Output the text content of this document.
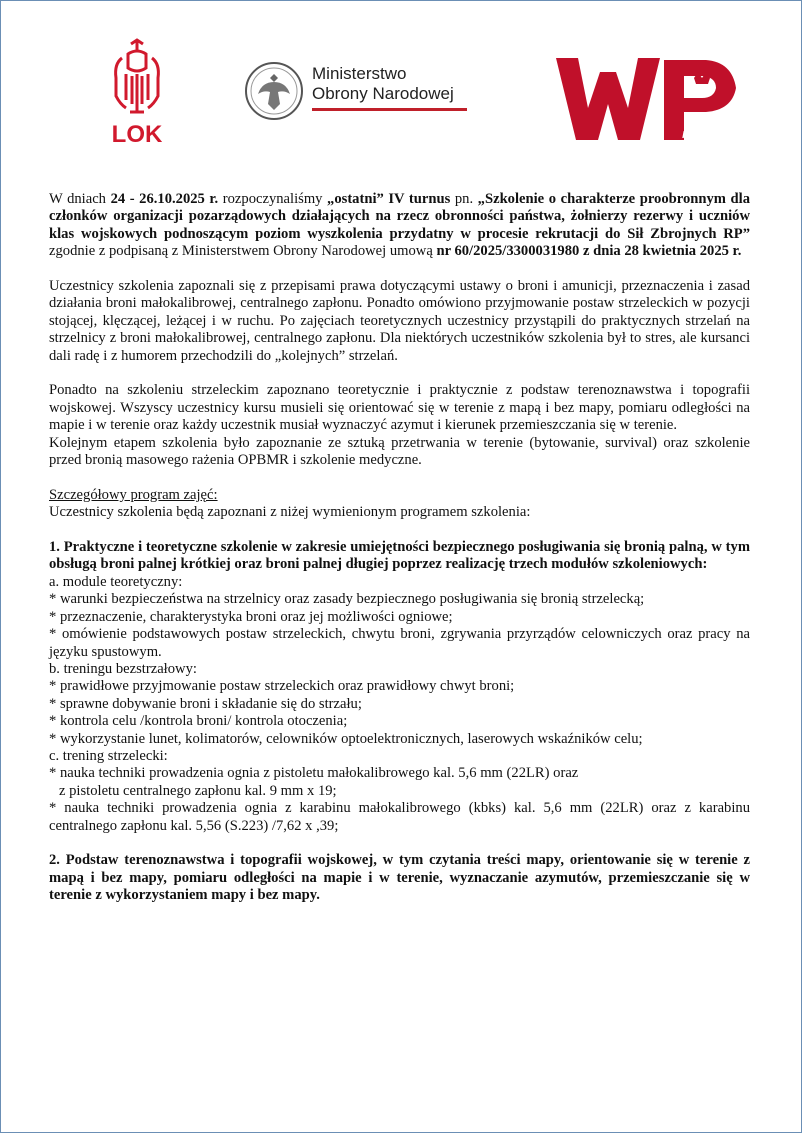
LOK
Ministerstwo
Obrony Narodowej
WOJSKO
POLSKIE

W dniach 24 - 26.10.2025 r. rozpoczynaliśmy „ostatni” IV turnus pn. „Szkolenie o charakterze proobronnym dla członków organizacji pozarządowych działających na rzecz obronności państwa, żołnierzy rezerwy i uczniów klas wojskowych podnoszącym poziom wyszkolenia przydatny w procesie rekrutacji do Sił Zbrojnych RP” zgodnie z podpisaną z Ministerstwem Obrony Narodowej umową nr 60/2025/3300031980 z dnia 28 kwietnia 2025 r.

Uczestnicy szkolenia zapoznali się z przepisami prawa dotyczącymi ustawy o broni i amunicji, przeznaczenia i zasad działania broni małokalibrowej, centralnego zapłonu. Ponadto omówiono przyjmowanie postaw strzeleckich w pozycji stojącej, klęczącej, leżącej i w ruchu. Po zajęciach teoretycznych uczestnicy przystąpili do praktycznych strzelań na strzelnicy z broni małokalibrowej, centralnego zapłonu. Dla niektórych uczestników szkolenia był to stres, ale kursanci dali radę i z humorem przechodzili do „kolejnych” strzelań.

Ponadto na szkoleniu strzeleckim zapoznano teoretycznie i praktycznie z podstaw terenoznawstwa i topografii wojskowej. Wszyscy uczestnicy kursu musieli się orientować się w terenie z mapą i bez mapy, pomiaru odległości na mapie i w terenie oraz każdy uczestnik musiał wyznaczyć azymut i kierunek przemieszczania się w terenie.

Kolejnym etapem szkolenia było zapoznanie ze sztuką przetrwania w terenie (bytowanie, survival) oraz szkolenie przed bronią masowego rażenia OPBMR i szkolenie medyczne.

Szczegółowy program zajęć:

Uczestnicy szkolenia będą zapoznani z niżej wymienionym programem szkolenia:

1. Praktyczne i teoretyczne szkolenie w zakresie umiejętności bezpiecznego posługiwania się bronią palną, w tym obsługą broni palnej krótkiej oraz broni palnej długiej poprzez realizację trzech modułów szkoleniowych:

a. module teoretyczny:

* warunki bezpieczeństwa na strzelnicy oraz zasady bezpiecznego posługiwania się bronią strzelecką;

* przeznaczenie, charakterystyka broni oraz jej możliwości ogniowe;

* omówienie podstawowych postaw strzeleckich, chwytu broni, zgrywania przyrządów celowniczych oraz pracy na języku spustowym.

b. treningu bezstrzałowy:

* prawidłowe przyjmowanie postaw strzeleckich oraz prawidłowy chwyt broni;

* sprawne dobywanie broni i składanie się do strzału;

* kontrola celu /kontrola broni/ kontrola otoczenia;

* wykorzystanie lunet, kolimatorów, celowników optoelektronicznych, laserowych wskaźników celu;

c. trening strzelecki:

* nauka techniki prowadzenia ognia z pistoletu małokalibrowego kal. 5,6 mm (22LR) oraz

z pistoletu centralnego zapłonu kal. 9 mm x 19;

* nauka techniki prowadzenia ognia z karabinu małokalibrowego (kbks) kal. 5,6 mm (22LR) oraz z karabinu centralnego zapłonu kal. 5,56 (S.223) /7,62 x ,39;

2. Podstaw terenoznawstwa i topografii wojskowej, w tym czytania treści mapy, orientowanie się w terenie z mapą i bez mapy, pomiaru odległości na mapie i w terenie, wyznaczanie azymutów, przemieszczanie się w terenie z wykorzystaniem mapy i bez mapy.
